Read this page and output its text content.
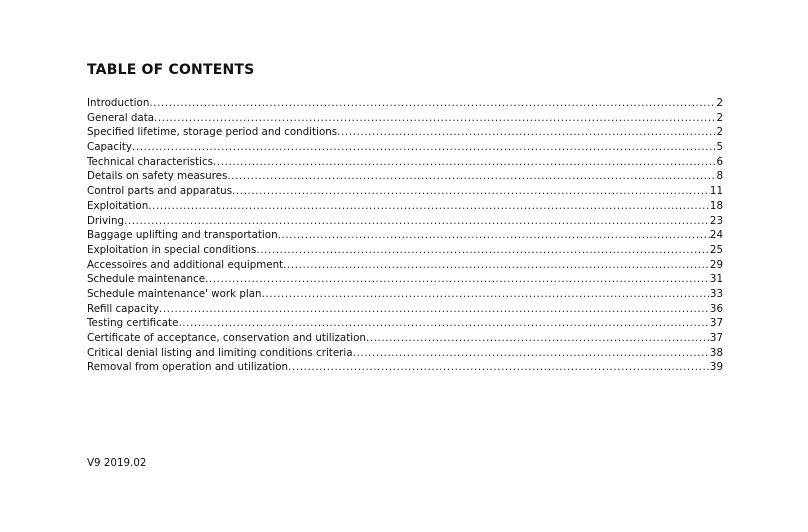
TABLE OF CONTENTS
Introduction .....	2
General data .....	2
Specified lifetime, storage period and conditions .....	2
Capacity .....	5
Technical characteristics .....	6
Details on safety measures .....	8
Control parts and apparatus .....	11
Exploitation .....	18
Driving .....	23
Baggage uplifting and transportation .....	24
Exploitation in special conditions .....	25
Accessoires and additional equipment .....	29
Schedule maintenance .....	31
Schedule maintenance' work plan .....	33
Refill capacity .....	36
Testing certificate .....	37
Certificate of acceptance, conservation and utilization .....	37
Critical denial listing and limiting conditions criteria .....	38
Removal from operation and utilization .....	39

V9 2019.02
